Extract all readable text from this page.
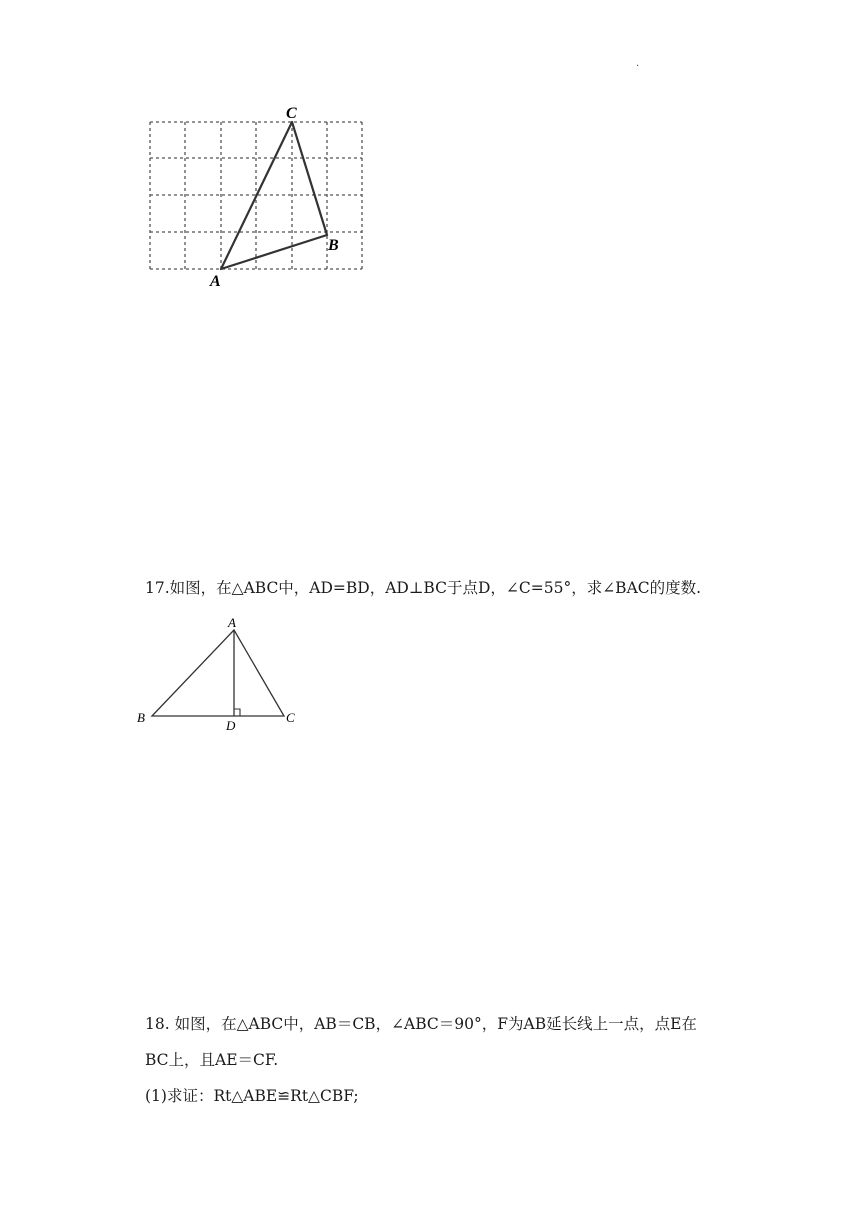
.
C
B
A
17.如图，在△ABC中，AD=BD，AD⊥BC于点D，∠C=55°，求∠BAC的度数.
A
B	C
D
18. 如图，在△ABC中，AB＝CB，∠ABC＝90°，F为AB延长线上一点，点E在
BC上，且AE＝CF.
(1)求证：Rt△ABE≌Rt△CBF;
